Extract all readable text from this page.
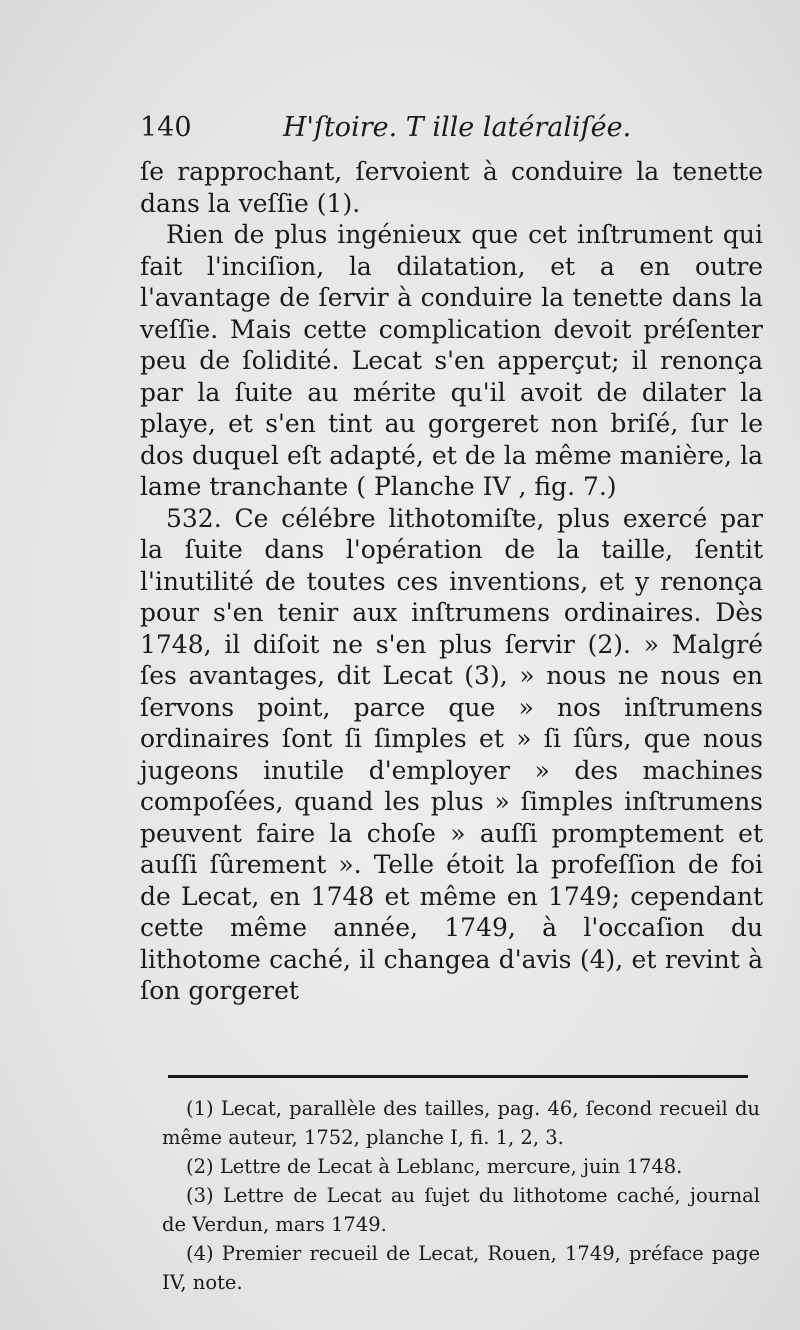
140	H'ſtoire. T ille latéraliſée.

ſe rapprochant, ſervoient à conduire la tenette dans la veſſie (1).

Rien de plus ingénieux que cet inſtrument qui fait l'inciſion, la dilatation, et a en outre l'avantage de ſervir à conduire la tenette dans la veſſie. Mais cette complication devoit préſenter peu de ſolidité. Lecat s'en apperçut; il renonça par la ſuite au mérite qu'il avoit de dilater la playe, et s'en tint au gorgeret non briſé, ſur le dos duquel eſt adapté, et de la même manière, la lame tranchante ( Planche IV , fig. 7.)

532. Ce célébre lithotomiſte, plus exercé par la ſuite dans l'opération de la taille, ſentit l'inutilité de toutes ces inventions, et y renonça pour s'en tenir aux inſtrumens ordinaires. Dès 1748, il diſoit ne s'en plus ſervir (2). » Malgré ſes avantages, dit Lecat (3), » nous ne nous en ſervons point, parce que » nos inſtrumens ordinaires ſont ſi ſimples et » ſi ſûrs, que nous jugeons inutile d'employer » des machines compoſées, quand les plus » ſimples inſtrumens peuvent faire la choſe » auſſi promptement et auſſi ſûrement ». Telle étoit la profeſſion de foi de Lecat, en 1748 et même en 1749; cependant cette même année, 1749, à l'occaſion du lithotome caché, il changea d'avis (4), et revint à ſon gorgeret

(1) Lecat, parallèle des tailles, pag. 46, ſecond recueil du même auteur, 1752, planche I, fi. 1, 2, 3.

(2) Lettre de Lecat à Leblanc, mercure, juin 1748.

(3) Lettre de Lecat au ſujet du lithotome caché, journal de Verdun, mars 1749.

(4) Premier recueil de Lecat, Rouen, 1749, préface page IV, note.
